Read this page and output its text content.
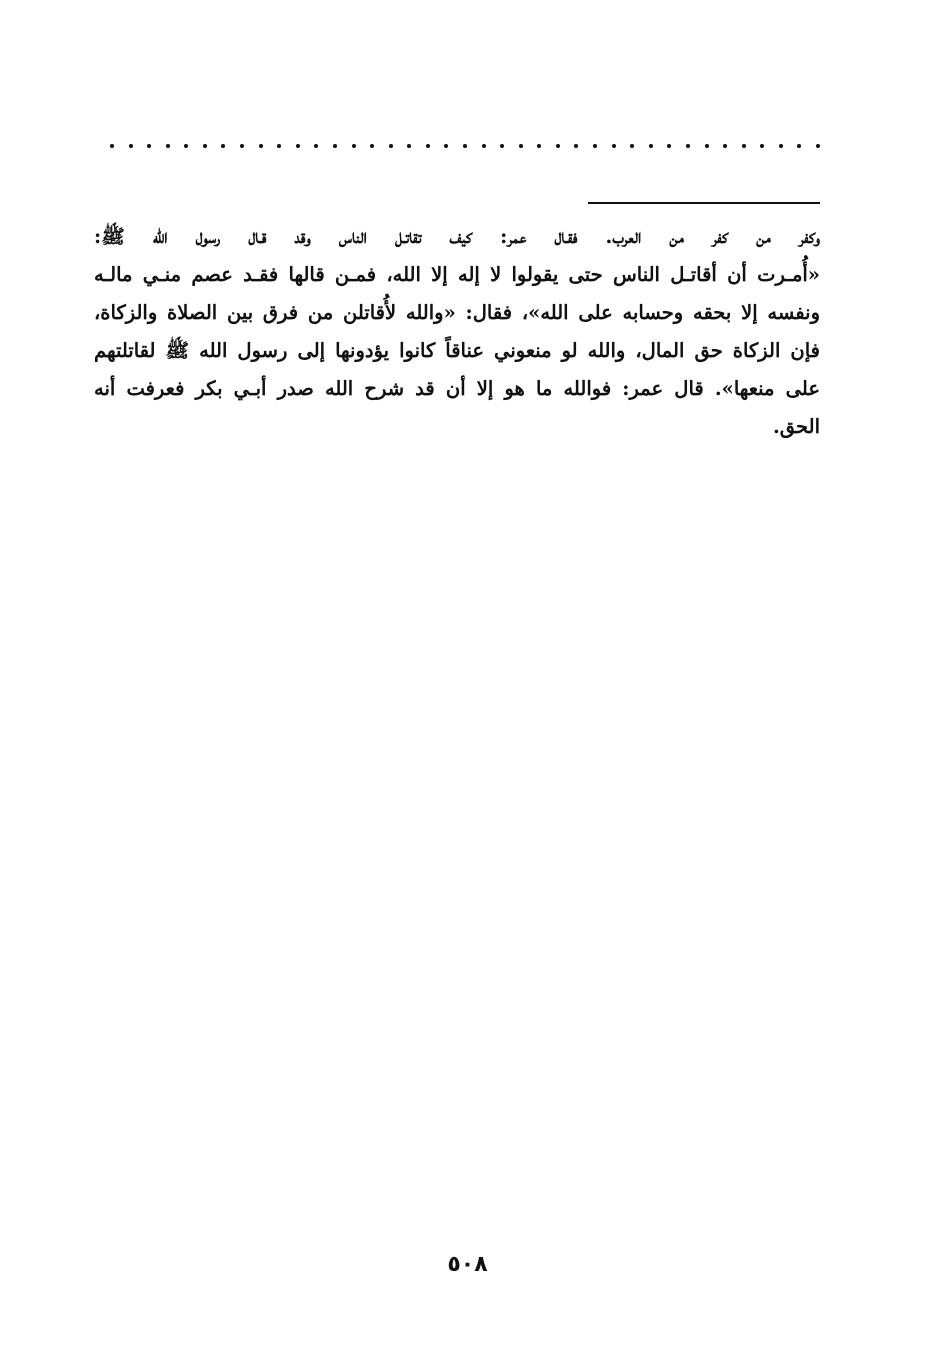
وكفر من كفر من العرب. فقـال عمر: كيف تقاتـل الناس وقد قـال رسول الله ﷺ:
«أُمـرت أن أقاتـل الناس حتى يقولوا لا إله إلا الله، فمـن قالها فقـد عصم منـي مالـه
ونفسه إلا بحقه وحسابه على الله»، فقال: «والله لأُقاتلن من فرق بين الصلاة والزكاة،
فإن الزكاة حق المال، والله لو منعوني عناقاً كانوا يؤدونها إلى رسول الله ﷺ لقاتلتهم
على منعها». قال عمر: فوالله ما هو إلا أن قد شرح الله صدر أبـي بكر فعرفت أنه
الحق.

٥٠٨
